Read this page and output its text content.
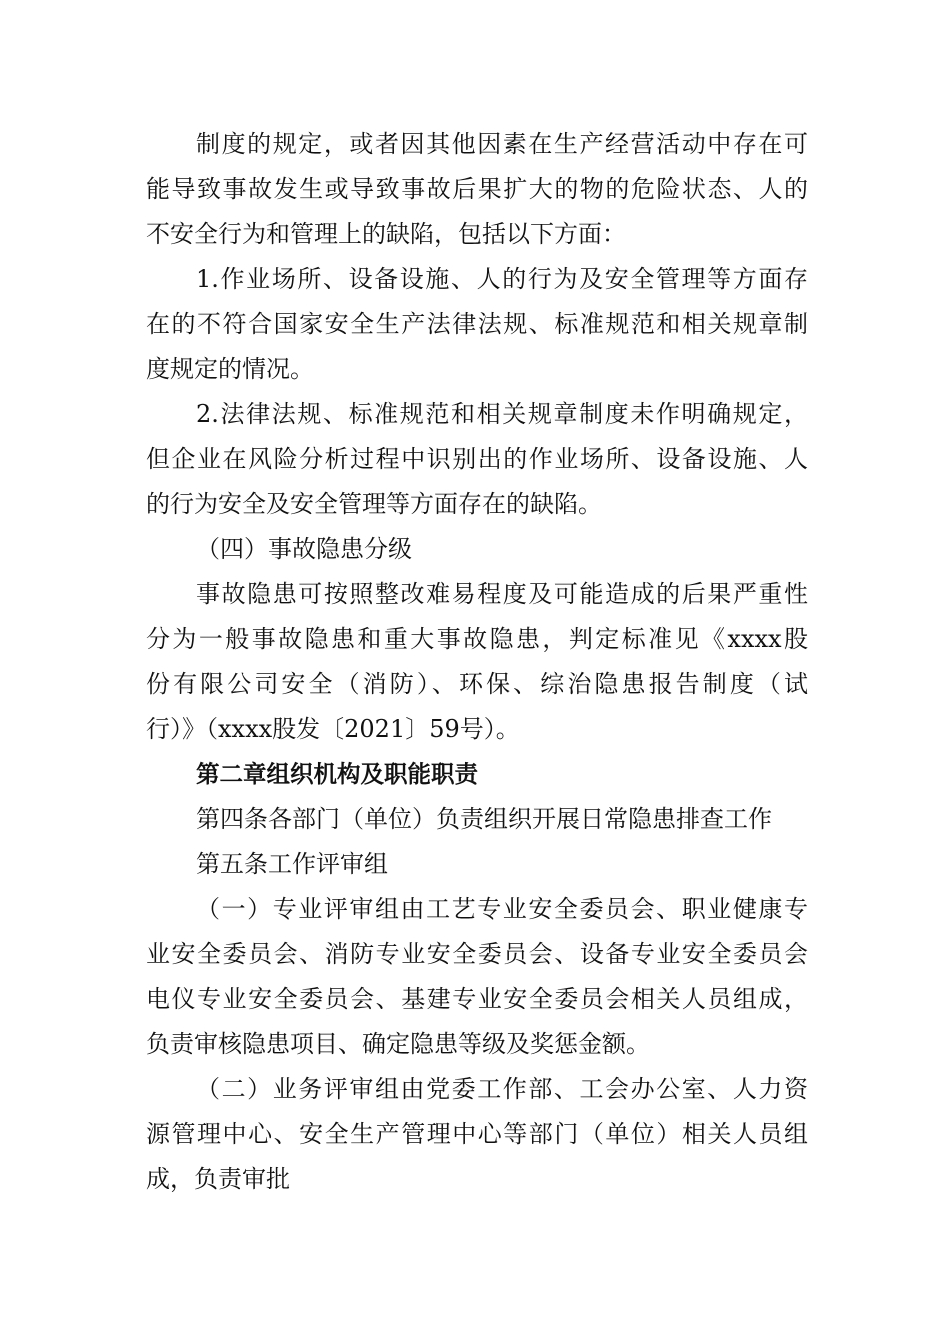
制度的规定，或者因其他因素在生产经营活动中存在可
能导致事故发生或导致事故后果扩大的物的危险状态、人的
不安全行为和管理上的缺陷，包括以下方面：
1.作业场所、设备设施、人的行为及安全管理等方面存
在的不符合国家安全生产法律法规、标准规范和相关规章制
度规定的情况。
2.法律法规、标准规范和相关规章制度未作明确规定，
但企业在风险分析过程中识别出的作业场所、设备设施、人
的行为安全及安全管理等方面存在的缺陷。
（四）事故隐患分级
事故隐患可按照整改难易程度及可能造成的后果严重性
分为一般事故隐患和重大事故隐患，判定标准见《xxxx股
份有限公司安全（消防）、环保、综治隐患报告制度（试
行）》（xxxx股发〔2021〕59号）。
第二章组织机构及职能职责
第四条各部门（单位）负责组织开展日常隐患排查工作
第五条工作评审组
（一）专业评审组由工艺专业安全委员会、职业健康专
业安全委员会、消防专业安全委员会、设备专业安全委员会
电仪专业安全委员会、基建专业安全委员会相关人员组成，
负责审核隐患项目、确定隐患等级及奖惩金额。
（二）业务评审组由党委工作部、工会办公室、人力资
源管理中心、安全生产管理中心等部门（单位）相关人员组
成，负责审批
